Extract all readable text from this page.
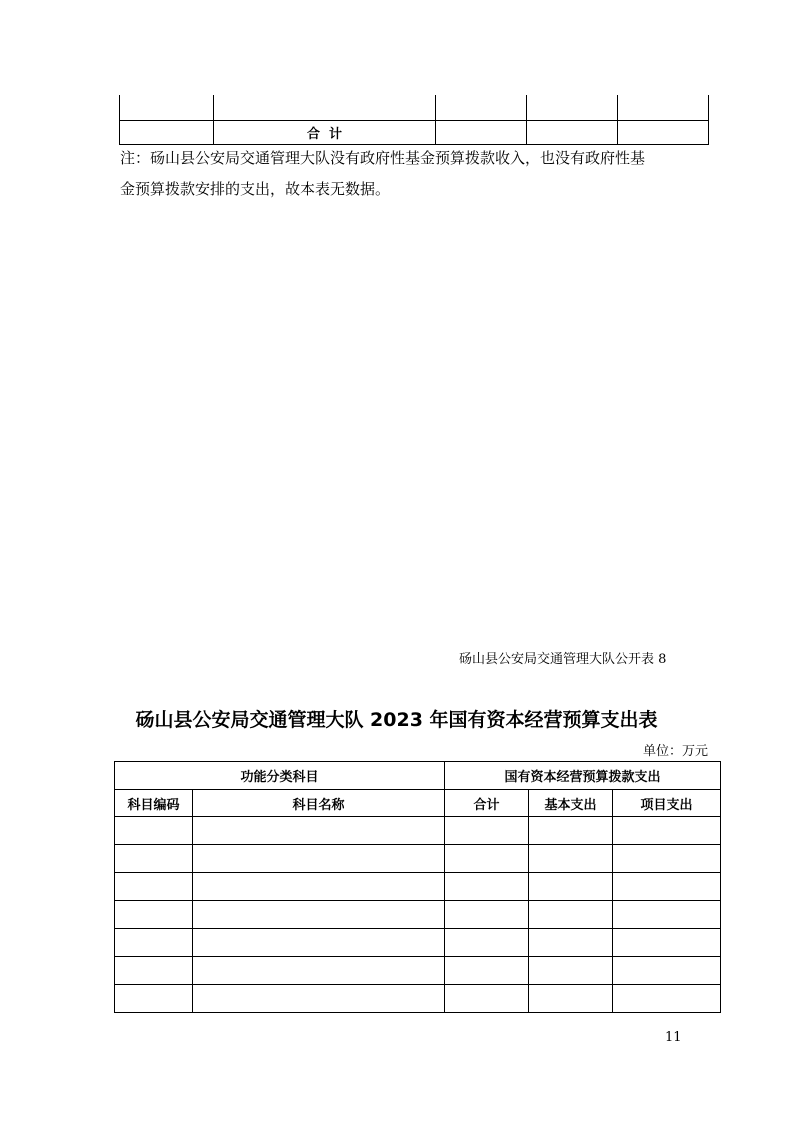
	合  计			
注：砀山县公安局交通管理大队没有政府性基金预算拨款收入，也没有政府性基
金预算拨款安排的支出，故本表无数据。
砀山县公安局交通管理大队公开表 8
砀山县公安局交通管理大队 2023 年国有资本经营预算支出表
单位：万元
功能分类科目		国有资本经营预算拨款支出		
科目编码	科目名称	合计	基本支出	项目支出

11
